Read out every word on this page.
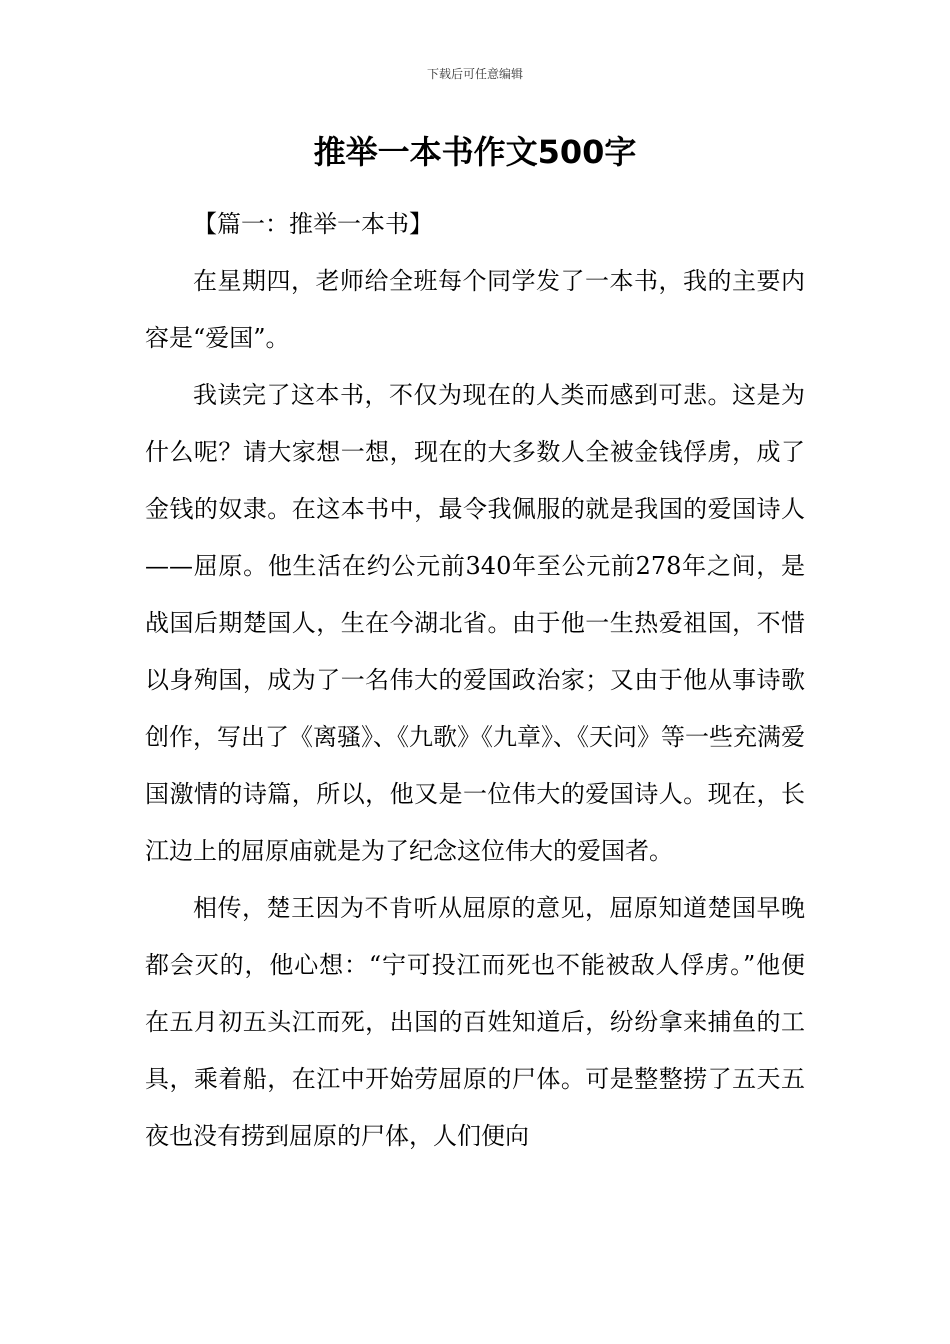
下载后可任意编辑
推举一本书作文500字

【篇一：推举一本书】

在星期四，老师给全班每个同学发了一本书，我的主要内容是“爱国”。

我读完了这本书，不仅为现在的人类而感到可悲。这是为什么呢？请大家想一想，现在的大多数人全被金钱俘虏，成了金钱的奴隶。在这本书中，最令我佩服的就是我国的爱国诗人——屈原。他生活在约公元前340年至公元前278年之间，是战国后期楚国人，生在今湖北省。由于他一生热爱祖国，不惜以身殉国，成为了一名伟大的爱国政治家；又由于他从事诗歌创作，写出了《离骚》、《九歌》《九章》、《天问》等一些充满爱国激情的诗篇，所以，他又是一位伟大的爱国诗人。现在，长江边上的屈原庙就是为了纪念这位伟大的爱国者。

相传，楚王因为不肯听从屈原的意见，屈原知道楚国早晚都会灭的，他心想：“宁可投江而死也不能被敌人俘虏。”他便在五月初五头江而死，出国的百姓知道后，纷纷拿来捕鱼的工具，乘着船，在江中开始劳屈原的尸体。可是整整捞了五天五夜也没有捞到屈原的尸体，人们便向
